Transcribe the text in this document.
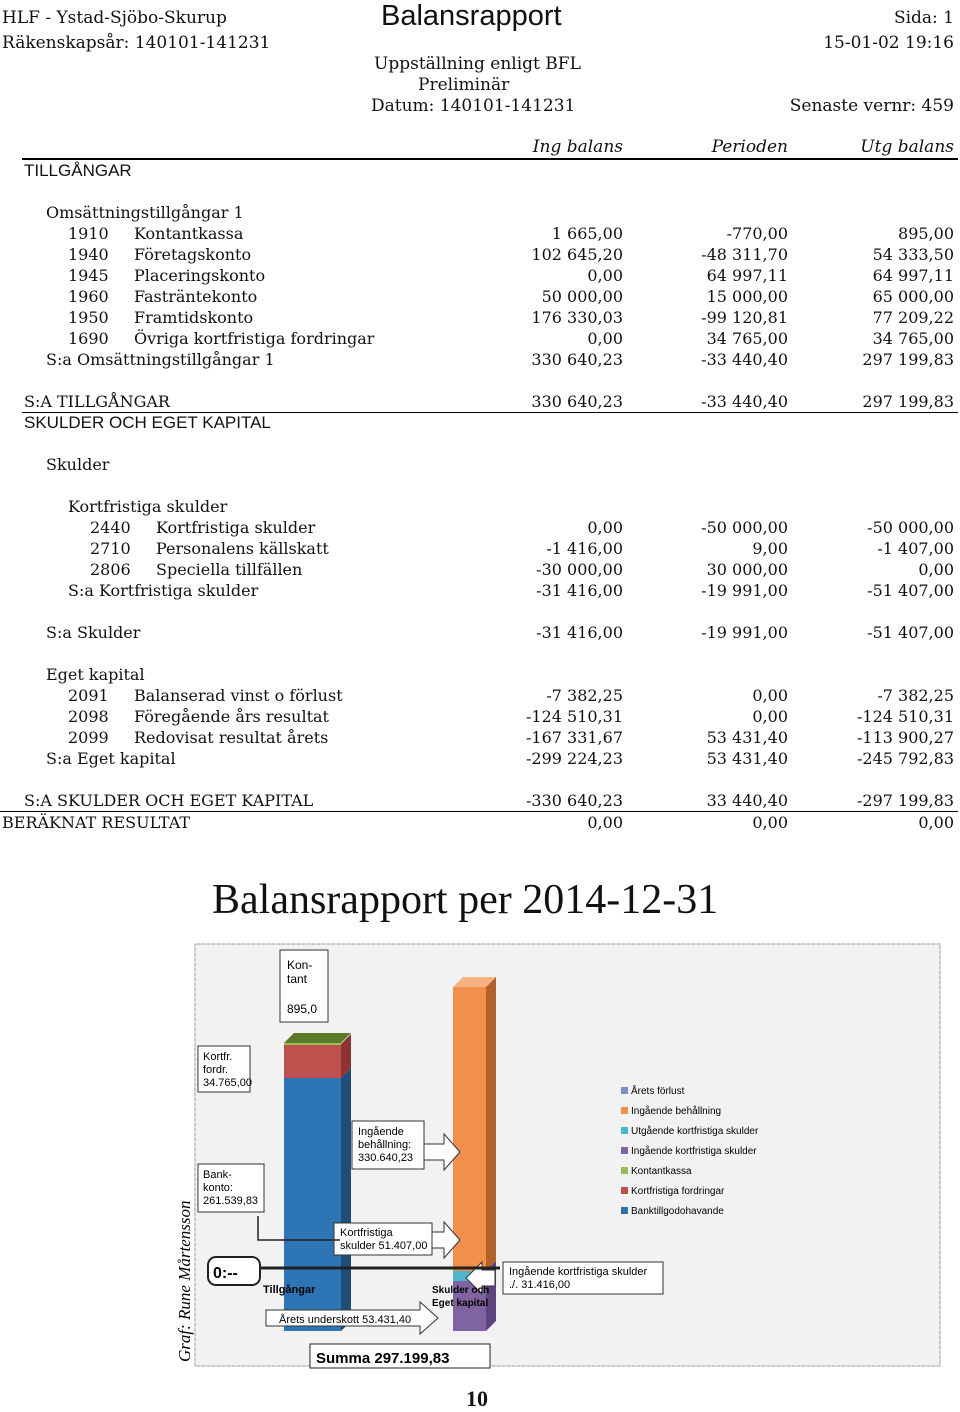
HLF - Ystad-Sjöbo-Skurup	Balansrapport	Sida: 1
Räkenskapsår: 140101-141231	15-01-02 19:16
Uppställning enligt BFL
Preliminär
Datum: 140101-141231	Senaste vernr: 459
Ing balans	Perioden	Utg balans
TILLGÅNGAR
Omsättningstillgångar 1
1910 Kontantkassa	1 665,00	-770,00	895,00
1940 Företagskonto	102 645,20	-48 311,70	54 333,50
1945 Placeringskonto	0,00	64 997,11	64 997,11
1960 Fasträntekonto	50 000,00	15 000,00	65 000,00
1950 Framtidskonto	176 330,03	-99 120,81	77 209,22
1690 Övriga kortfristiga fordringar	0,00	34 765,00	34 765,00
S:a Omsättningstillgångar 1	330 640,23	-33 440,40	297 199,83
S:A TILLGÅNGAR	330 640,23	-33 440,40	297 199,83
SKULDER OCH EGET KAPITAL
Skulder
Kortfristiga skulder
2440 Kortfristiga skulder	0,00	-50 000,00	-50 000,00
2710 Personalens källskatt	-1 416,00	9,00	-1 407,00
2806 Speciella tillfällen	-30 000,00	30 000,00	0,00
S:a Kortfristiga skulder	-31 416,00	-19 991,00	-51 407,00
S:a Skulder	-31 416,00	-19 991,00	-51 407,00
Eget kapital
2091 Balanserad vinst o förlust	-7 382,25	0,00	-7 382,25
2098 Föregående års resultat	-124 510,31	0,00	-124 510,31
2099 Redovisat resultat årets	-167 331,67	53 431,40	-113 900,27
S:a Eget kapital	-299 224,23	53 431,40	-245 792,83
S:A SKULDER OCH EGET KAPITAL	-330 640,23	33 440,40	-297 199,83
BERÄKNAT RESULTAT	0,00	0,00	0,00
Balansrapport per 2014-12-31
Kon-
tant
895,0
Kortfr.
fordr.
34.765,00
Bank-
konto:
261.539,83
Ingående
behållning:
330.640,23
Kortfristiga
skulder 51.407,00
Ingående kortfristiga skulder
./. 31.416,00
0:--
Tillgångar	Skulder och
Eget kapital
Årets underskott 53.431,40
Summa 297.199,83
Årets förlust
Ingående behållning
Utgående kortfristiga skulder
Ingående kortfristiga skulder
Kontantkassa
Kortfristiga fordringar
Banktillgodohavande
Graf: Rune Mårtensson
10
